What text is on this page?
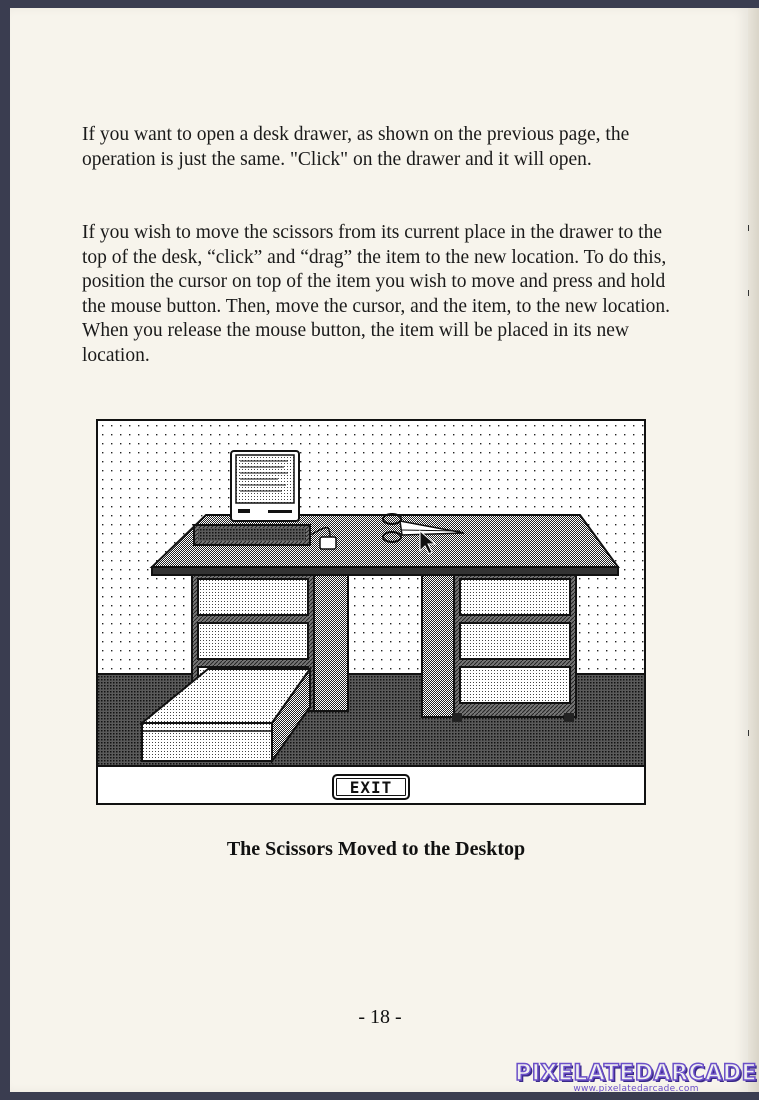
If you want to open a desk drawer, as shown on the previous page, the operation is just the same. "Click" on the drawer and it will open.

If you wish to move the scissors from its current place in the drawer to the top of the desk, “click” and “drag” the item to the new location. To do this, position the cursor on top of the item you wish to move and press and hold the mouse button. Then, move the cursor, and the item, to the new location. When you release the mouse button, the item will be placed in its new location.

EXIT
The Scissors Moved to the Desktop
- 18 -
PIXELATEDARCADE
www.pixelatedarcade.com
